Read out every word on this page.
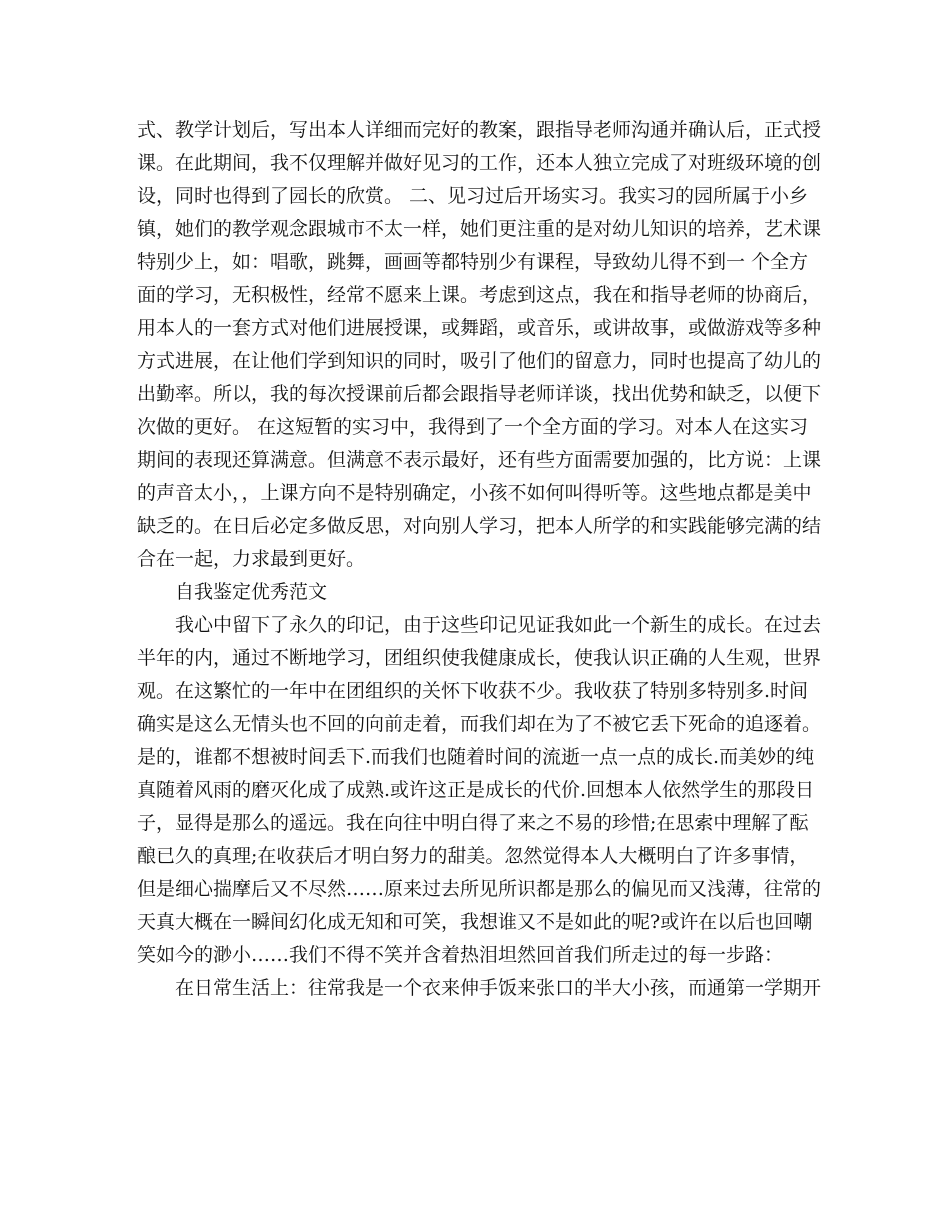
式、教学计划后，写出本人详细而完好的教案，跟指导老师沟通并确认后，正式授
课。在此期间，我不仅理解并做好见习的工作，还本人独立完成了对班级环境的创
设，同时也得到了园长的欣赏。 二、见习过后开场实习。我实习的园所属于小乡
镇，她们的教学观念跟城市不太一样，她们更注重的是对幼儿知识的培养，艺术课
特别少上，如：唱歌，跳舞，画画等都特别少有课程，导致幼儿得不到一 个全方
面的学习，无积极性，经常不愿来上课。考虑到这点，我在和指导老师的协商后，
用本人的一套方式对他们进展授课，或舞蹈，或音乐，或讲故事，或做游戏等多种
方式进展，在让他们学到知识的同时，吸引了他们的留意力，同时也提高了幼儿的
出勤率。所以，我的每次授课前后都会跟指导老师详谈，找出优势和缺乏，以便下
次做的更好。 在这短暂的实习中，我得到了一个全方面的学习。对本人在这实习
期间的表现还算满意。但满意不表示最好，还有些方面需要加强的，比方说：上课
的声音太小，，上课方向不是特别确定，小孩不如何叫得听等。这些地点都是美中
缺乏的。在日后必定多做反思，对向别人学习，把本人所学的和实践能够完满的结
合在一起，力求最到更好。
自我鉴定优秀范文
我心中留下了永久的印记，由于这些印记见证我如此一个新生的成长。在过去
半年的内，通过不断地学习，团组织使我健康成长，使我认识正确的人生观，世界
观。在这繁忙的一年中在团组织的关怀下收获不少。我收获了特别多特别多.时间
确实是这么无情头也不回的向前走着，而我们却在为了不被它丢下死命的追逐着。
是的，谁都不想被时间丢下.而我们也随着时间的流逝一点一点的成长.而美妙的纯
真随着风雨的磨灭化成了成熟.或许这正是成长的代价.回想本人依然学生的那段日
子，显得是那么的遥远。我在向往中明白得了来之不易的珍惜;在思索中理解了酝
酿已久的真理;在收获后才明白努力的甜美。忽然觉得本人大概明白了许多事情，
但是细心揣摩后又不尽然……原来过去所见所识都是那么的偏见而又浅薄，往常的
天真大概在一瞬间幻化成无知和可笑，我想谁又不是如此的呢?或许在以后也回嘲
笑如今的渺小……我们不得不笑并含着热泪坦然回首我们所走过的每一步路：
在日常生活上：往常我是一个衣来伸手饭来张口的半大小孩，而通第一学期开
